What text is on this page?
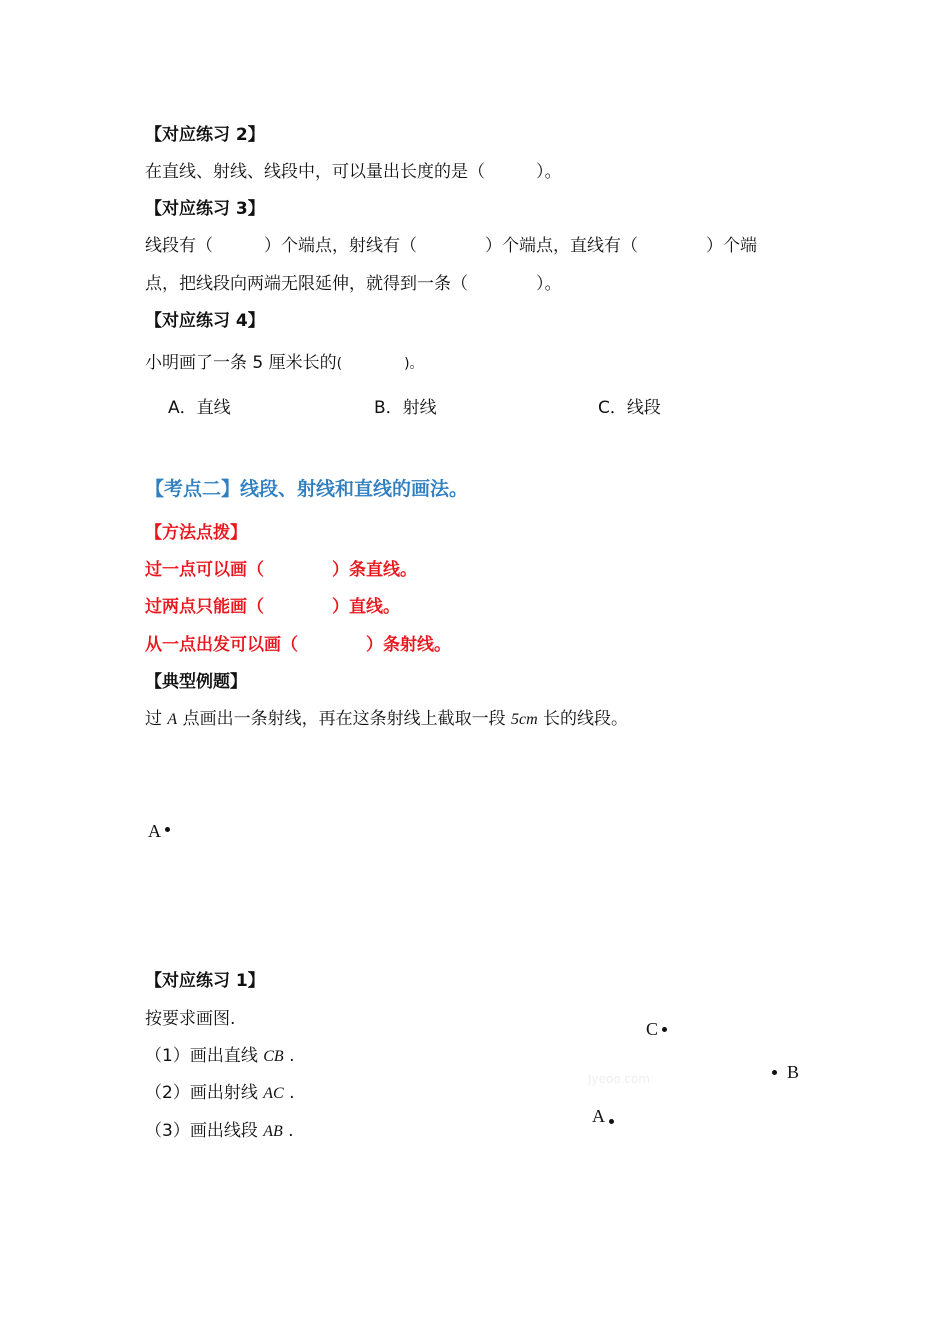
【对应练习 2】
在直线、射线、线段中，可以量出长度的是（　　　）。
【对应练习 3】
线段有（　　　）个端点，射线有（　　　　）个端点，直线有（　　　　）个端
点，把线段向两端无限延伸，就得到一条（　　　　）。
【对应练习 4】
小明画了一条 5 厘米长的(	)。
A．直线	B．射线	C．线段
【考点二】线段、射线和直线的画法。
【方法点拨】
过一点可以画（　　　　）条直线。
过两点只能画（　　　　）直线。
从一点出发可以画（　　　　）条射线。
【典型例题】
过 A 点画出一条射线，再在这条射线上截取一段 5cm 长的线段。
A
【对应练习 1】
按要求画图.
（1）画出直线 CB .
（2）画出射线 AC .
（3）画出线段 AB .
C
B
A
Jyeoo.com
